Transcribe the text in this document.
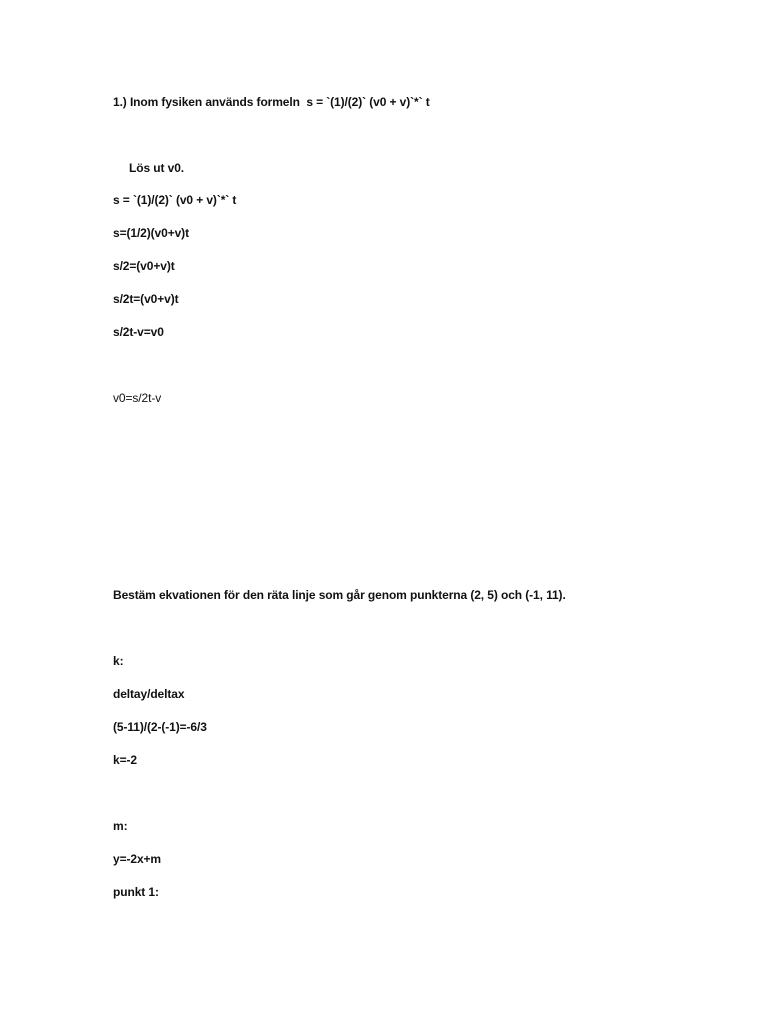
1.) Inom fysiken används formeln  s = `(1)/(2)` (v0 + v)`*` t
Lös ut v0.
s = `(1)/(2)` (v0 + v)`*` t
s=(1/2)(v0+v)t
s/2=(v0+v)t
s/2t=(v0+v)t
s/2t-v=v0
v0=s/2t-v
Bestäm ekvationen för den räta linje som går genom punkterna (2, 5) och (-1, 11).
k:
deltay/deltax
(5-11)/(2-(-1)=-6/3
k=-2
m:
y=-2x+m
punkt 1:
